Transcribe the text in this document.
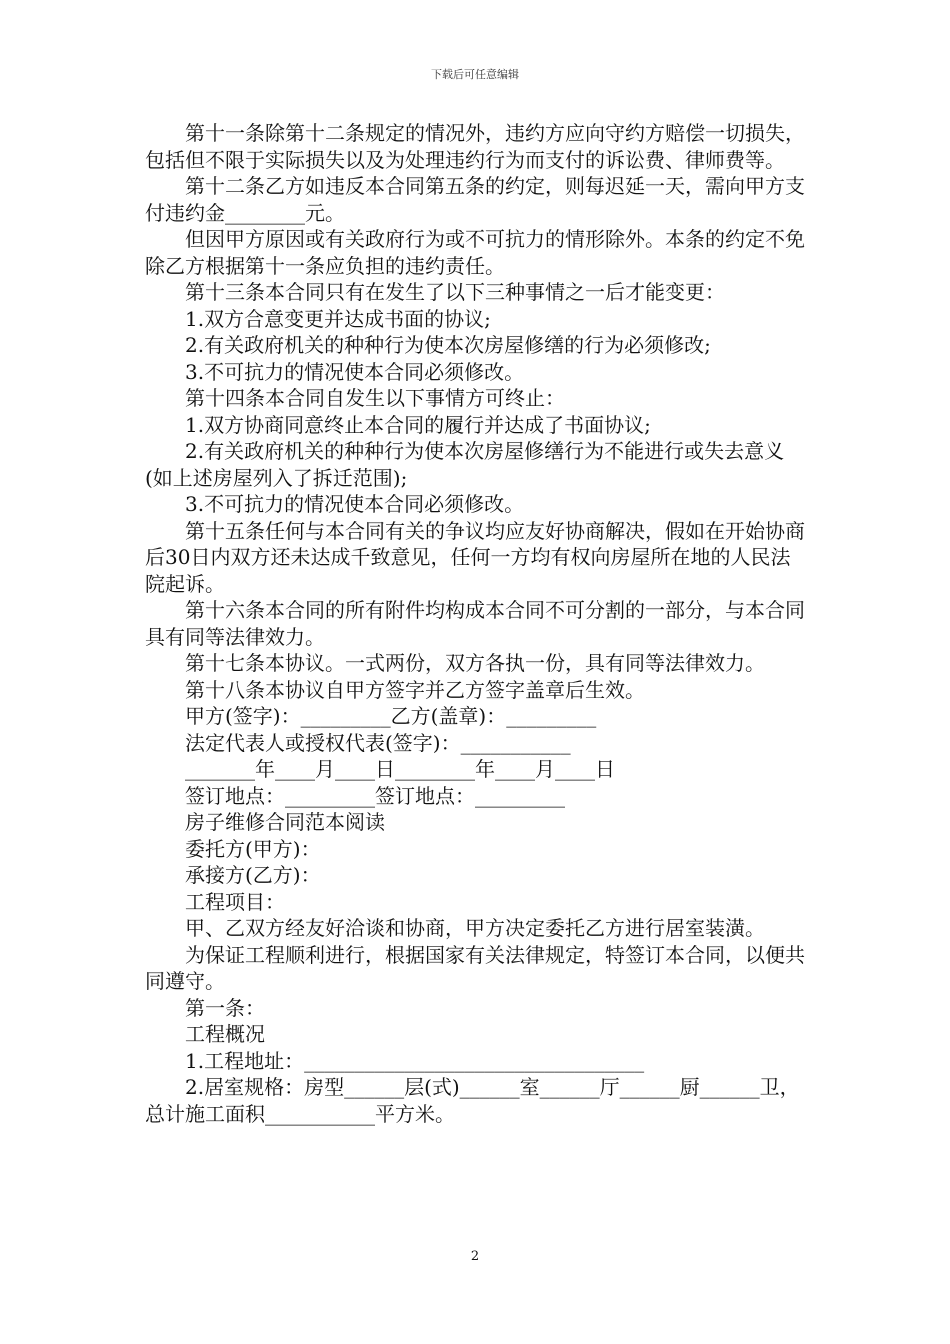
下载后可任意编辑

第十一条除第十二条规定的情况外，违约方应向守约方赔偿一切损失，包括但不限于实际损失以及为处理违约行为而支付的诉讼费、律师费等。

第十二条乙方如违反本合同第五条的约定，则每迟延一天，需向甲方支付违约金________元。

但因甲方原因或有关政府行为或不可抗力的情形除外。本条的约定不免除乙方根据第十一条应负担的违约责任。

第十三条本合同只有在发生了以下三种事情之一后才能变更：

1.双方合意变更并达成书面的协议;

2.有关政府机关的种种行为使本次房屋修缮的行为必须修改;

3.不可抗力的情况使本合同必须修改。

第十四条本合同自发生以下事情方可终止：

1.双方协商同意终止本合同的履行并达成了书面协议;

2.有关政府机关的种种行为使本次房屋修缮行为不能进行或失去意义(如上述房屋列入了拆迁范围);

3.不可抗力的情况使本合同必须修改。

第十五条任何与本合同有关的争议均应友好协商解决，假如在开始协商后30日内双方还未达成千致意见，任何一方均有权向房屋所在地的人民法院起诉。

第十六条本合同的所有附件均构成本合同不可分割的一部分，与本合同具有同等法律效力。

第十七条本协议。一式两份，双方各执一份，具有同等法律效力。

第十八条本协议自甲方签字并乙方签字盖章后生效。

甲方(签字)：_________乙方(盖章)：_________

法定代表人或授权代表(签字)：___________

_______年____月____日________年____月____日

签订地点：_________签订地点：_________

房子维修合同范本阅读

委托方(甲方)：

承接方(乙方)：

工程项目：

甲、乙双方经友好洽谈和协商，甲方决定委托乙方进行居室装潢。

为保证工程顺利进行，根据国家有关法律规定，特签订本合同，以便共同遵守。

第一条：

工程概况

1.工程地址：__________________________________

2.居室规格：房型______层(式)______室______厅______厨______卫，总计施工面积___________平方米。

2
